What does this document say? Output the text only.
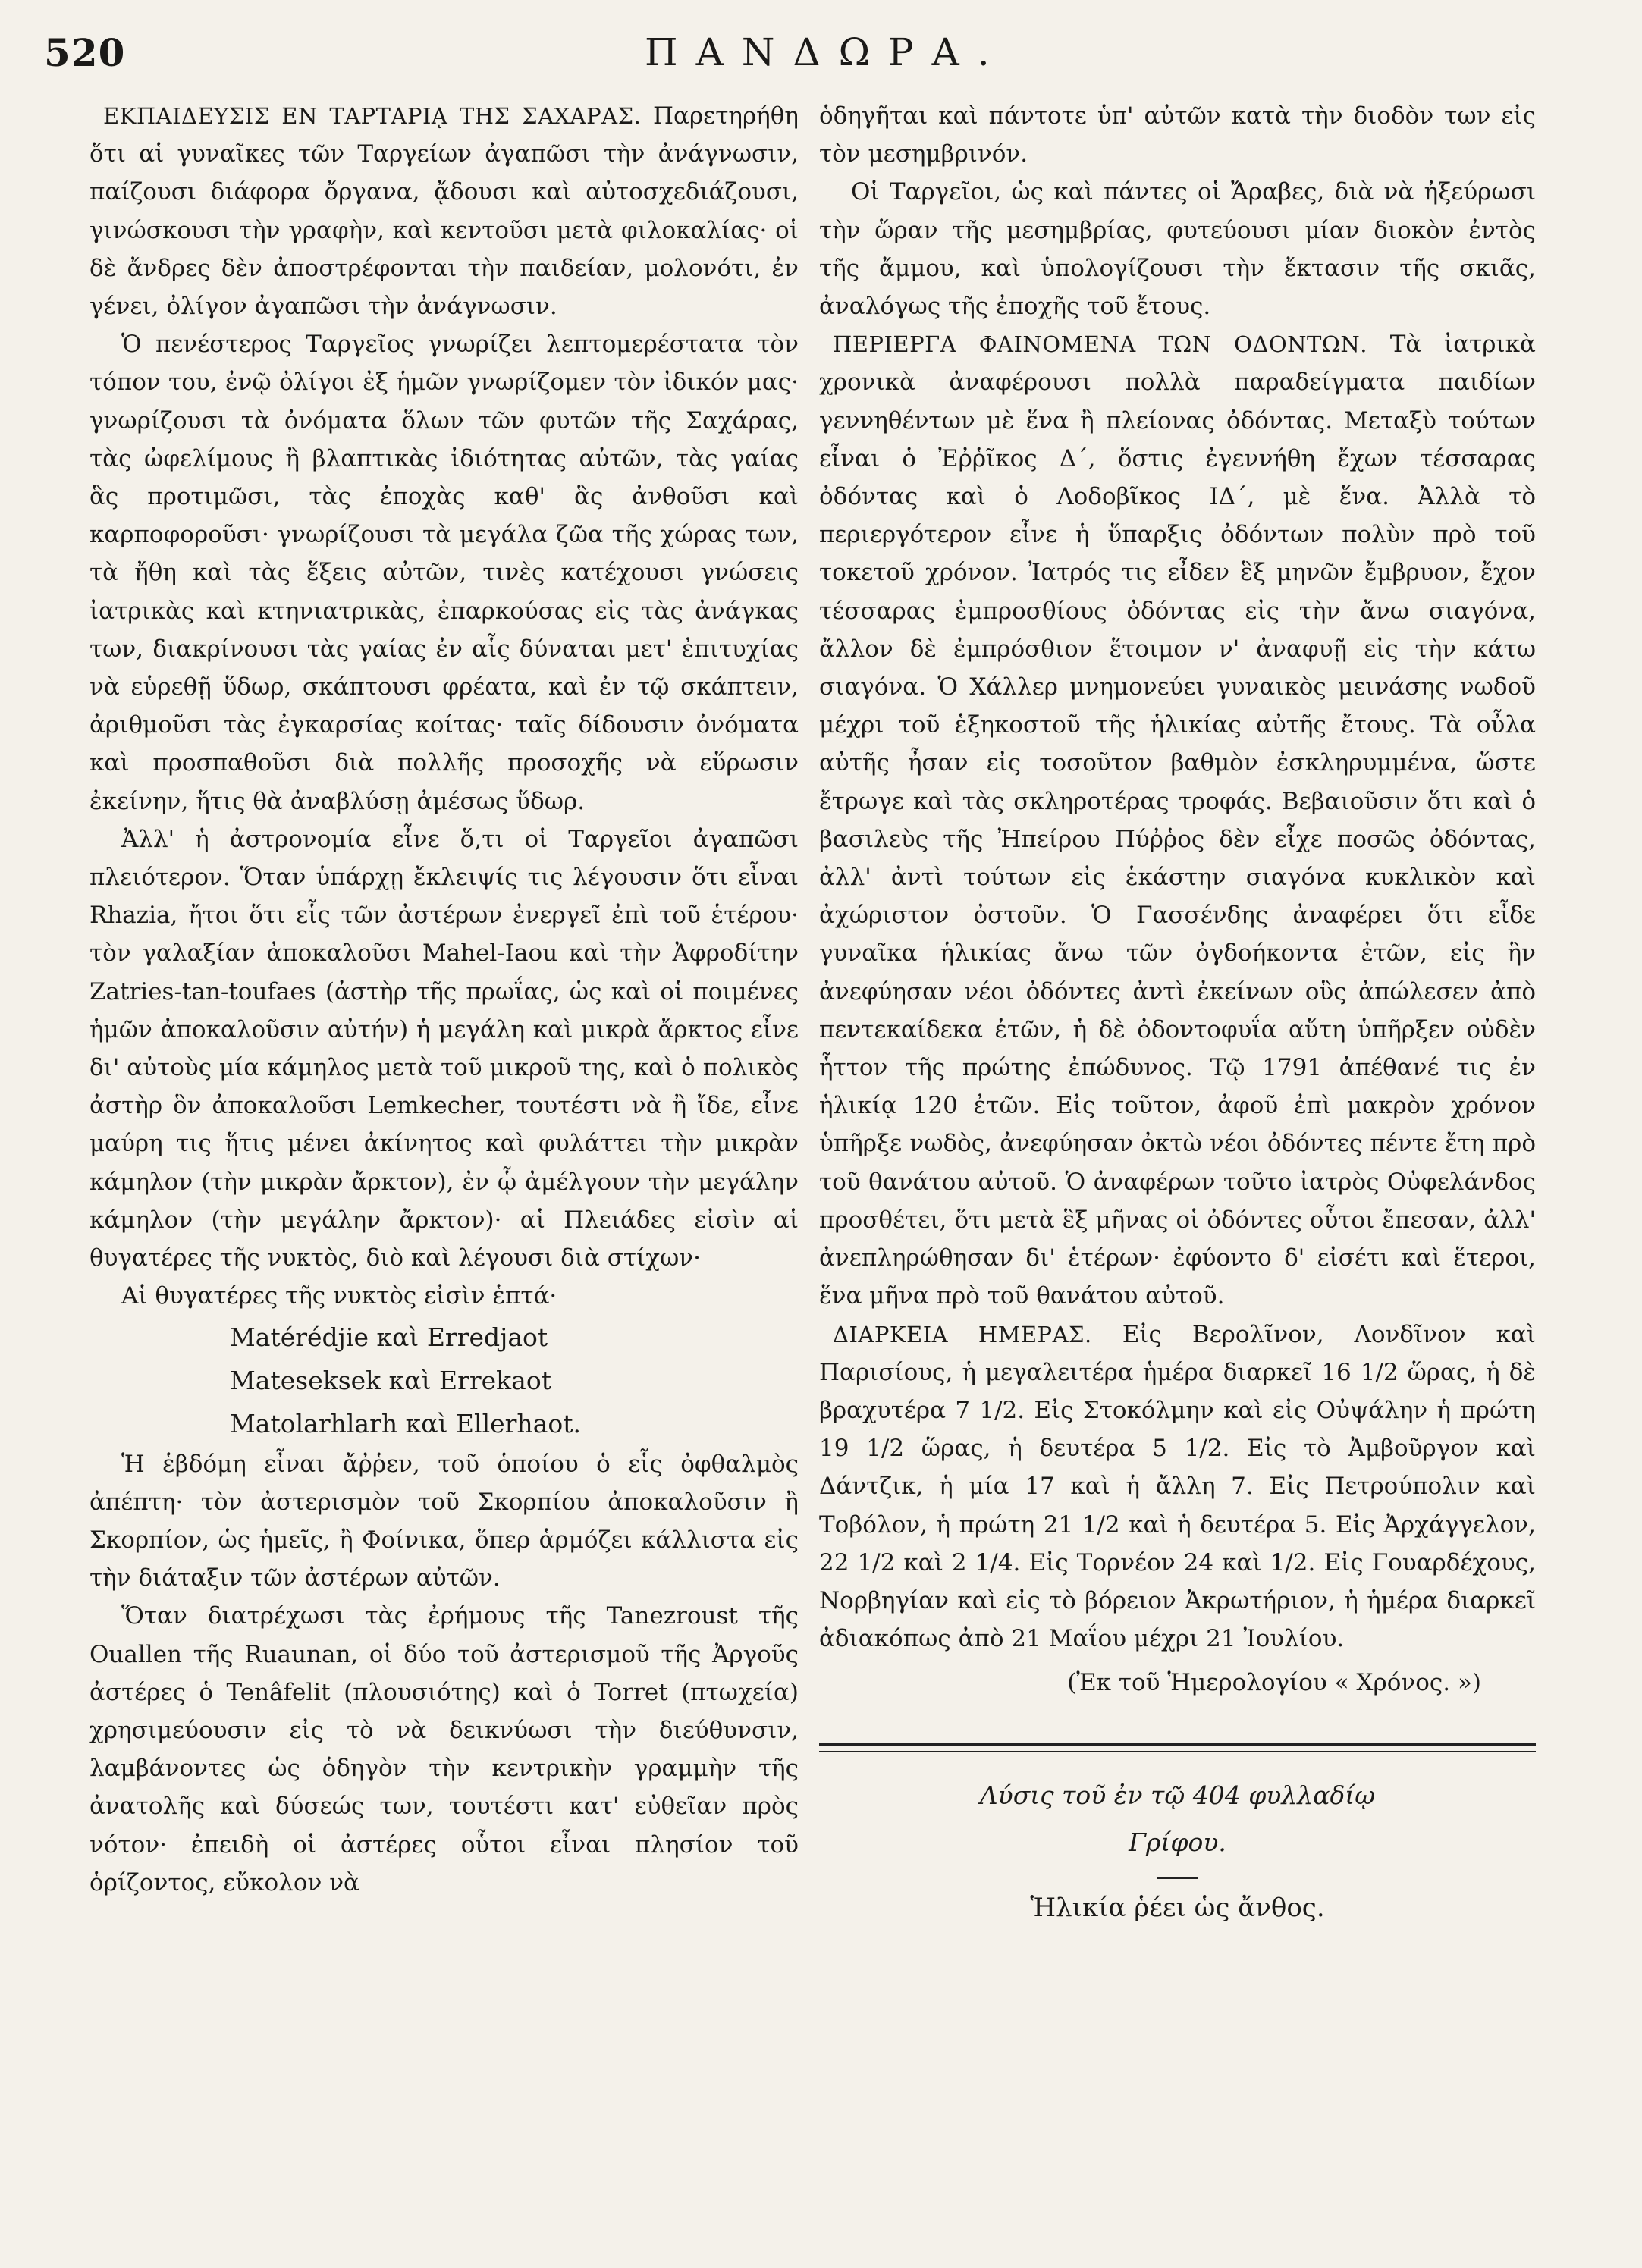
520	ΠΑΝΔΩΡΑ.

ΕΚΠΑΙΔΕΥΣΙΣ ΕΝ ΤΑΡΤΑΡΙᾼ ΤΗΣ ΣΑΧΑΡΑΣ. Παρετηρήθη ὅτι αἱ γυναῖκες τῶν Ταργείων ἀγαπῶσι τὴν ἀνάγνωσιν, παίζουσι διάφορα ὄργανα, ᾄδουσι καὶ αὐτοσχεδιάζουσι, γινώσκουσι τὴν γραφὴν, καὶ κεντοῦσι μετὰ φιλοκαλίας· οἱ δὲ ἄνδρες δὲν ἀποστρέφονται τὴν παιδείαν, μολονότι, ἐν γένει, ὀλίγον ἀγαπῶσι τὴν ἀνάγνωσιν.

Ὁ πενέστερος Ταργεῖος γνωρίζει λεπτομερέστατα τὸν τόπον του, ἐνῷ ὀλίγοι ἐξ ἡμῶν γνωρίζομεν τὸν ἰδικόν μας· γνωρίζουσι τὰ ὀνόματα ὅλων τῶν φυτῶν τῆς Σαχάρας, τὰς ὠφελίμους ἢ βλαπτικὰς ἰδιότητας αὐτῶν, τὰς γαίας ἃς προτιμῶσι, τὰς ἐποχὰς καθ' ἃς ἀνθοῦσι καὶ καρποφοροῦσι· γνωρίζουσι τὰ μεγάλα ζῶα τῆς χώρας των, τὰ ἤθη καὶ τὰς ἕξεις αὐτῶν, τινὲς κατέχουσι γνώσεις ἰατρικὰς καὶ κτηνιατρικὰς, ἐπαρκούσας εἰς τὰς ἀνάγκας των, διακρίνουσι τὰς γαίας ἐν αἷς δύναται μετ' ἐπιτυχίας νὰ εὑρεθῇ ὕδωρ, σκάπτουσι φρέατα, καὶ ἐν τῷ σκάπτειν, ἀριθμοῦσι τὰς ἐγκαρσίας κοίτας· ταῖς δίδουσιν ὀνόματα καὶ προσπαθοῦσι διὰ πολλῆς προσοχῆς νὰ εὕρωσιν ἐκείνην, ἥτις θὰ ἀναβλύσῃ ἀμέσως ὕδωρ.

Ἀλλ' ἡ ἀστρονομία εἶνε ὅ,τι οἱ Ταργεῖοι ἀγαπῶσι πλειότερον. Ὅταν ὑπάρχῃ ἔκλειψίς τις λέγουσιν ὅτι εἶναι Rhazia, ἤτοι ὅτι εἷς τῶν ἀστέρων ἐνεργεῖ ἐπὶ τοῦ ἑτέρου· τὸν γαλαξίαν ἀποκαλοῦσι Mahel-Iaou καὶ τὴν Ἀφροδίτην Zatries-tan-toufaes (ἀστὴρ τῆς πρωΐας, ὡς καὶ οἱ ποιμένες ἡμῶν ἀποκαλοῦσιν αὐτήν) ἡ μεγάλη καὶ μικρὰ ἄρκτος εἶνε δι' αὐτοὺς μία κάμηλος μετὰ τοῦ μικροῦ της, καὶ ὁ πολικὸς ἀστὴρ ὃν ἀποκαλοῦσι Lemkecher, τουτέστι νὰ ἢ ἴδε, εἶνε μαύρη τις ἥτις μένει ἀκίνητος καὶ φυλάττει τὴν μικρὰν κάμηλον (τὴν μικρὰν ἄρκτον), ἐν ᾧ ἀμέλγουν τὴν μεγάλην κάμηλον (τὴν μεγάλην ἄρκτον)· αἱ Πλειάδες εἰσὶν αἱ θυγατέρες τῆς νυκτὸς, διὸ καὶ λέγουσι διὰ στίχων·

Αἱ θυγατέρες τῆς νυκτὸς εἰσὶν ἑπτά·

Matérédjie καὶ Erredjaot
Mateseksek καὶ Errekaot
Matolarhlarh καὶ Ellerhaot.

Ἡ ἑβδόμη εἶναι ἄῤῥεν, τοῦ ὁποίου ὁ εἷς ὀφθαλμὸς ἀπέπτη· τὸν ἀστερισμὸν τοῦ Σκορπίου ἀποκαλοῦσιν ἢ Σκορπίον, ὡς ἡμεῖς, ἢ Φοίνικα, ὅπερ ἁρμόζει κάλλιστα εἰς τὴν διάταξιν τῶν ἀστέρων αὐτῶν.

Ὅταν διατρέχωσι τὰς ἐρήμους τῆς Tanezroust τῆς Ouallen τῆς Ruaunan, οἱ δύο τοῦ ἀστερισμοῦ τῆς Ἀργοῦς ἀστέρες ὁ Tenâfelit (πλουσιότης) καὶ ὁ Torret (πτωχεία) χρησιμεύουσιν εἰς τὸ νὰ δεικνύωσι τὴν διεύθυνσιν, λαμβάνοντες ὡς ὁδηγὸν τὴν κεντρικὴν γραμμὴν τῆς ἀνατολῆς καὶ δύσεώς των, τουτέστι κατ' εὐθεῖαν πρὸς νότον· ἐπειδὴ οἱ ἀστέρες οὗτοι εἶναι πλησίον τοῦ ὁρίζοντος, εὔκολον νὰ

ὁδηγῆται καὶ πάντοτε ὑπ' αὐτῶν κατὰ τὴν διοδὸν των εἰς τὸν μεσημβρινόν.

Οἱ Ταργεῖοι, ὡς καὶ πάντες οἱ Ἄραβες, διὰ νὰ ἠξεύρωσι τὴν ὥραν τῆς μεσημβρίας, φυτεύουσι μίαν διοκὸν ἐντὸς τῆς ἄμμου, καὶ ὑπολογίζουσι τὴν ἔκτασιν τῆς σκιᾶς, ἀναλόγως τῆς ἐποχῆς τοῦ ἔτους.

ΠΕΡΙΕΡΓΑ ΦΑΙΝΟΜΕΝΑ ΤΩΝ ΟΔΟΝΤΩΝ. Τὰ ἰατρικὰ χρονικὰ ἀναφέρουσι πολλὰ παραδείγματα παιδίων γεννηθέντων μὲ ἕνα ἢ πλείονας ὀδόντας. Μεταξὺ τούτων εἶναι ὁ Ἐῤῥῖκος Δ΄, ὅστις ἐγεννήθη ἔχων τέσσαρας ὀδόντας καὶ ὁ Λοδοβῖκος ΙΔ΄, μὲ ἕνα. Ἀλλὰ τὸ περιεργότερον εἶνε ἡ ὕπαρξις ὀδόντων πολὺν πρὸ τοῦ τοκετοῦ χρόνον. Ἰατρός τις εἶδεν ἓξ μηνῶν ἔμβρυον, ἔχον τέσσαρας ἐμπροσθίους ὀδόντας εἰς τὴν ἄνω σιαγόνα, ἄλλον δὲ ἐμπρόσθιον ἕτοιμον ν' ἀναφυῇ εἰς τὴν κάτω σιαγόνα. Ὁ Χάλλερ μνημονεύει γυναικὸς μεινάσης νωδοῦ μέχρι τοῦ ἑξηκοστοῦ τῆς ἡλικίας αὐτῆς ἔτους. Τὰ οὖλα αὐτῆς ἦσαν εἰς τοσοῦτον βαθμὸν ἐσκληρυμμένα, ὥστε ἔτρωγε καὶ τὰς σκληροτέρας τροφάς. Βεβαιοῦσιν ὅτι καὶ ὁ βασιλεὺς τῆς Ἠπείρου Πύῤῥος δὲν εἶχε ποσῶς ὀδόντας, ἀλλ' ἀντὶ τούτων εἰς ἑκάστην σιαγόνα κυκλικὸν καὶ ἀχώριστον ὀστοῦν. Ὁ Γασσένδης ἀναφέρει ὅτι εἶδε γυναῖκα ἡλικίας ἄνω τῶν ὀγδοήκοντα ἐτῶν, εἰς ἣν ἀνεφύησαν νέοι ὀδόντες ἀντὶ ἐκείνων οὓς ἀπώλεσεν ἀπὸ πεντεκαίδεκα ἐτῶν, ἡ δὲ ὀδοντοφυΐα αὕτη ὑπῆρξεν οὐδὲν ἧττον τῆς πρώτης ἐπώδυνος. Τῷ 1791 ἀπέθανέ τις ἐν ἡλικίᾳ 120 ἐτῶν. Εἰς τοῦτον, ἀφοῦ ἐπὶ μακρὸν χρόνον ὑπῆρξε νωδὸς, ἀνεφύησαν ὀκτὼ νέοι ὀδόντες πέντε ἔτη πρὸ τοῦ θανάτου αὐτοῦ. Ὁ ἀναφέρων τοῦτο ἰατρὸς Οὐφελάνδος προσθέτει, ὅτι μετὰ ἓξ μῆνας οἱ ὀδόντες οὗτοι ἔπεσαν, ἀλλ' ἀνεπληρώθησαν δι' ἑτέρων· ἐφύοντο δ' εἰσέτι καὶ ἕτεροι, ἕνα μῆνα πρὸ τοῦ θανάτου αὐτοῦ.

ΔΙΑΡΚΕΙΑ ΗΜΕΡΑΣ. Εἰς Βερολῖνον, Λονδῖνον καὶ Παρισίους, ἡ μεγαλειτέρα ἡμέρα διαρκεῖ 16 1/2 ὥρας, ἡ δὲ βραχυτέρα 7 1/2. Εἰς Στοκόλμην καὶ εἰς Οὐψάλην ἡ πρώτη 19 1/2 ὥρας, ἡ δευτέρα 5 1/2. Εἰς τὸ Ἀμβοῦργον καὶ Δάντζικ, ἡ μία 17 καὶ ἡ ἄλλη 7. Εἰς Πετρούπολιν καὶ Τοβόλον, ἡ πρώτη 21 1/2 καὶ ἡ δευτέρα 5. Εἰς Ἀρχάγγελον, 22 1/2 καὶ 2 1/4. Εἰς Τορνέον 24 καὶ 1/2. Εἰς Γουαρδέχους, Νορβηγίαν καὶ εἰς τὸ βόρειον Ἀκρωτήριον, ἡ ἡμέρα διαρκεῖ ἀδιακόπως ἀπὸ 21 Μαΐου μέχρι 21 Ἰουλίου.

(Ἐκ τοῦ Ἡμερολογίου « Χρόνος. »)
Λύσις τοῦ ἐν τῷ 404 φυλλαδίῳ
Γρίφου.
Ἡλικία ῥέει ὡς ἄνθος.
